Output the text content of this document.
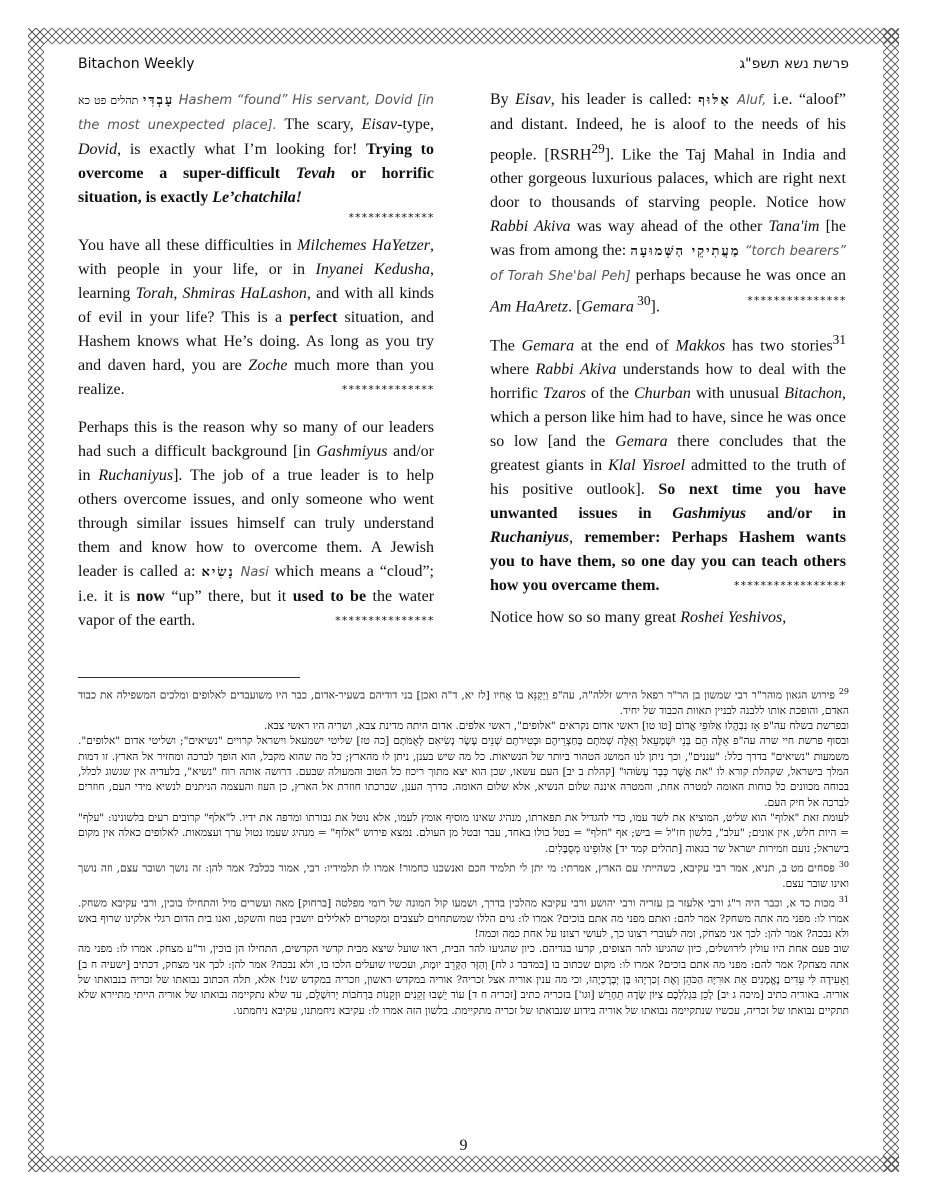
Bitachon Weekly	פרשת נשא תשפ"ג

עָבְדִּי תהלים פט כא	Hashem “found” His servant, Dovid [in the most unexpected place]. The scary, Eisav-type, Dovid, is exactly what I’m looking for! Trying to overcome a super-difficult Tevah or horrific situation, is exactly Le’chatchila!
*************

You have all these difficulties in Milchemes HaYetzer, with people in your life, or in Inyanei Kedusha, learning Torah, Shmiras HaLashon, and with all kinds of evil in your life? This is a perfect situation, and Hashem knows what He’s doing. As long as you try and daven hard, you are Zoche much more than you realize.	**************

Perhaps this is the reason why so many of our leaders had such a difficult background [in Gashmiyus and/or in Ruchaniyus]. The job of a true leader is to help others overcome issues, and only someone who went through similar issues himself can truly understand them and know how to overcome them. A Jewish leader is called a: נָשִׂיא Nasi which means a “cloud”; i.e. it is now “up” there, but it used to be the water vapor of the earth.	***************

By Eisav, his leader is called: אַלּוּף Aluf, i.e. “aloof” and distant. Indeed, he is aloof to the needs of his people. [RSRH$^{29}$]. Like the Taj Mahal in India and other gorgeous luxurious palaces, which are right next door to thousands of starving people. Notice how Rabbi Akiva was way ahead of the other Tana'im [he was from among the: מַעֲתִיקֵי הַשְּׁמוּעָה “torch bearers” of Torah She'bal Peh] perhaps because he was once an Am HaAretz. [Gemara $^{30}$].	***************

The Gemara at the end of Makkos has two stories$^{31}$ where Rabbi Akiva understands how to deal with the horrific Tzaros of the Churban with unusual Bitachon, which a person like him had to have, since he was once so low [and the Gemara there concludes that the greatest giants in Klal Yisroel admitted to the truth of his positive outlook]. So next time you have unwanted issues in Gashmiyus and/or in Ruchaniyus, remember: Perhaps Hashem wants you to have them, so one day you can teach others how you overcame them.	*****************

Notice how so so many great Roshei Yeshivos,

$^{29}$ פירוש הגאון מוהר"ר רבי שמשון בן הר"ר רפאל הירש זללה"ה, עה"פ וַיְקַנֵּא בוֹ אָחִיו [לז יא, ד"ה ואכן] בני דודיהם בשעיר-אדום, כבר היו משועבדים לאלופים ומלכים המשפילה את כבוד האדם, והופכת אותו ללבנה לבניין תאוות הכבוד של יחיד.

ובפרשת בשלח עה"פ אָז נִבְהֲלוּ אַלּוּפֵי אֱדוֹם [טו טו] ראשי אדום נקראים "אלופים", ראשי אלפים. אדום היתה מדינת צבא, ושריה היו ראשי צבא.

ובסוף פרשת חיי שרה עה"פ אֵלֶּה הֵם בְּנֵי יִשְׁמָעֵאל וְאֵלֶּה שְׁמֹתָם בְּחַצְרֵיהֶם וּבְטִירֹתָם שְׁנֵים עָשָׂר נְשִׂיאִם לְאֻמֹּתָם [כה טז] שליטי ישמעאל וישראל קרויים "נשיאים"; ושליטי אדום "אלופים". משמעות "נשיאים" בדרך כלל: "עננים", וכך ניתן לנו המושג הטהור ביותר של הנשיאות. כל מה שיש בענן, ניתן לו מהארץ; כל מה שהוא מקבל, הוא הופך לברכה ומחזיר אל הארץ. זו דמות המלך בישראל, שקהלת קורא לו "את אֲשֶׁר כְּבָר עָשׂוּהוּ" [קהלת ב יב] העם עשאו, שכן הוא יצא מתוך ריכוז כל הטוב והמעולה שבעם. דרושה אותה רוח "נשיא", בלעדיה אין שגשוג לכלל, בכוחה מכוונים כל כוחות האומה למטרה אחת, והמטרה איננה שלום הנשיא, אלא שלום האומה. כדרך הענן, שברכתו חוזרת אל הארץ, כן העוז והעצמה הניתנים לנשיא מידי העם, חוזרים לברכה אל חיק העם.

לעומת זאת "אלוף" הוא שליט, המוציא את לשד עמו, כדי להגדיל את תפארתו, מנהיג שאינו מוסיף אומץ לעמו, אלא נוטל את גבורתו ומרפה את ידיו. ל"אלף" קרובים רעים בלשונינו: "עלף" = היות חלש, אין אונים; "עלב", בלשון חז"ל = ביש; אף "חלף" = בטל כולו באחד, עבר ובטל מן העולם. נמצא פירוש "אלוף" = מנהיג שעמו נטול ערך ועצמאות. לאלופים כאלה אין מקום בישראל; נועם וזמירות ישראל שר בגאוה [תהלים קמד יד] אַלּוּפֵינוּ מְסֻבָּלִים.

$^{30}$ פסחים מט ב, תניא, אמר רבי עקיבא, כשהייתי עם הארץ, אמרתי: מי יתן לי תלמיד חכם ואנשכנו כחמור! אמרו לו תלמידיו: רבי, אמור ככלב? אמר להן: זה נושך ושובר עצם, וזה נושך ואינו שובר עצם.

$^{31}$ מכות כד א, וכבר היה ר"ג ורבי אלעזר בן עזריה ורבי יהושע ורבי עקיבא מהלכין בדרך, ושמעו קול המונה של רומי מפלטה [ברחוק] מאה ועשרים מיל והתחילו בוכין, ורבי עקיבא משחק. אמרו לו: מפני מה אתה משחק? אמר להם: ואתם מפני מה אתם בוכים? אמרו לו: גוים הללו שמשתחוים לעצבים ומקטרים לאלילים יושבין בטח והשקט, ואנו בית הדום רגלי אלקינו שרוף באש ולא נבכה? אמר להן: לכך אני מצחק, ומה לעוברי רצונו כך, לעושי רצונו על אחת כמה וכמה!

שוב פעם אחת היו עולין לירושלים, כיון שהגיעו להר הצופים, קרעו בגדיהם. כיון שהגיעו להר הבית, ראו שועל שיצא מבית קדשי הקדשים, התחילו הן בוכין, ור"ע מצחק. אמרו לו: מפני מה אתה מצחק? אמר להם: מפני מה אתם בוכים? אמרו לו: מקום שכתוב בו [במדבר ג לח] וְהַזָּר הַקָּרֵב יוּמָת, ועכשיו שועלים הלכו בו, ולא נבכה? אמר להן: לכך אני מצחק, דכתיב [ישעיה ח ב] וְאָעִידָה לִּי עֵדִים נֶאֱמָנִים אֵת אוּרִיָּה הַכֹּהֵן וְאֶת זְכַרְיָהוּ בֶּן יְבֶרֶכְיָהוּ, וכי מה ענין אוריה אצל זכריה? אוריה במקדש ראשון, וזכריה במקדש שני! אלא, תלה הכתוב נבואתו של זכריה בנבואתו של אוריה. באוריה כתיב [מיכה ג יב] לָכֵן בִּגְלַלְכֶם צִיּוֹן שָׂדֶה תֵחָרֵשׁ [וגו'] בזכריה כתיב [זכריה ח ד] עוֹד יֵשְׁבוּ זְקֵנִים וּזְקֵנוֹת בִּרְחֹבוֹת יְרוּשָׁלָ͏ִם, עד שלא נתקיימה נבואתו של אוריה הייתי מתיירא שלא תתקיים נבואתו של זכריה, עכשיו שנתקיימה נבואתו של אוריה בידוע שנבואתו של זכריה מתקיימת. בלשון הזה אמרו לו: עקיבא ניחמתנו, עקיבא ניחמתנו.

9
